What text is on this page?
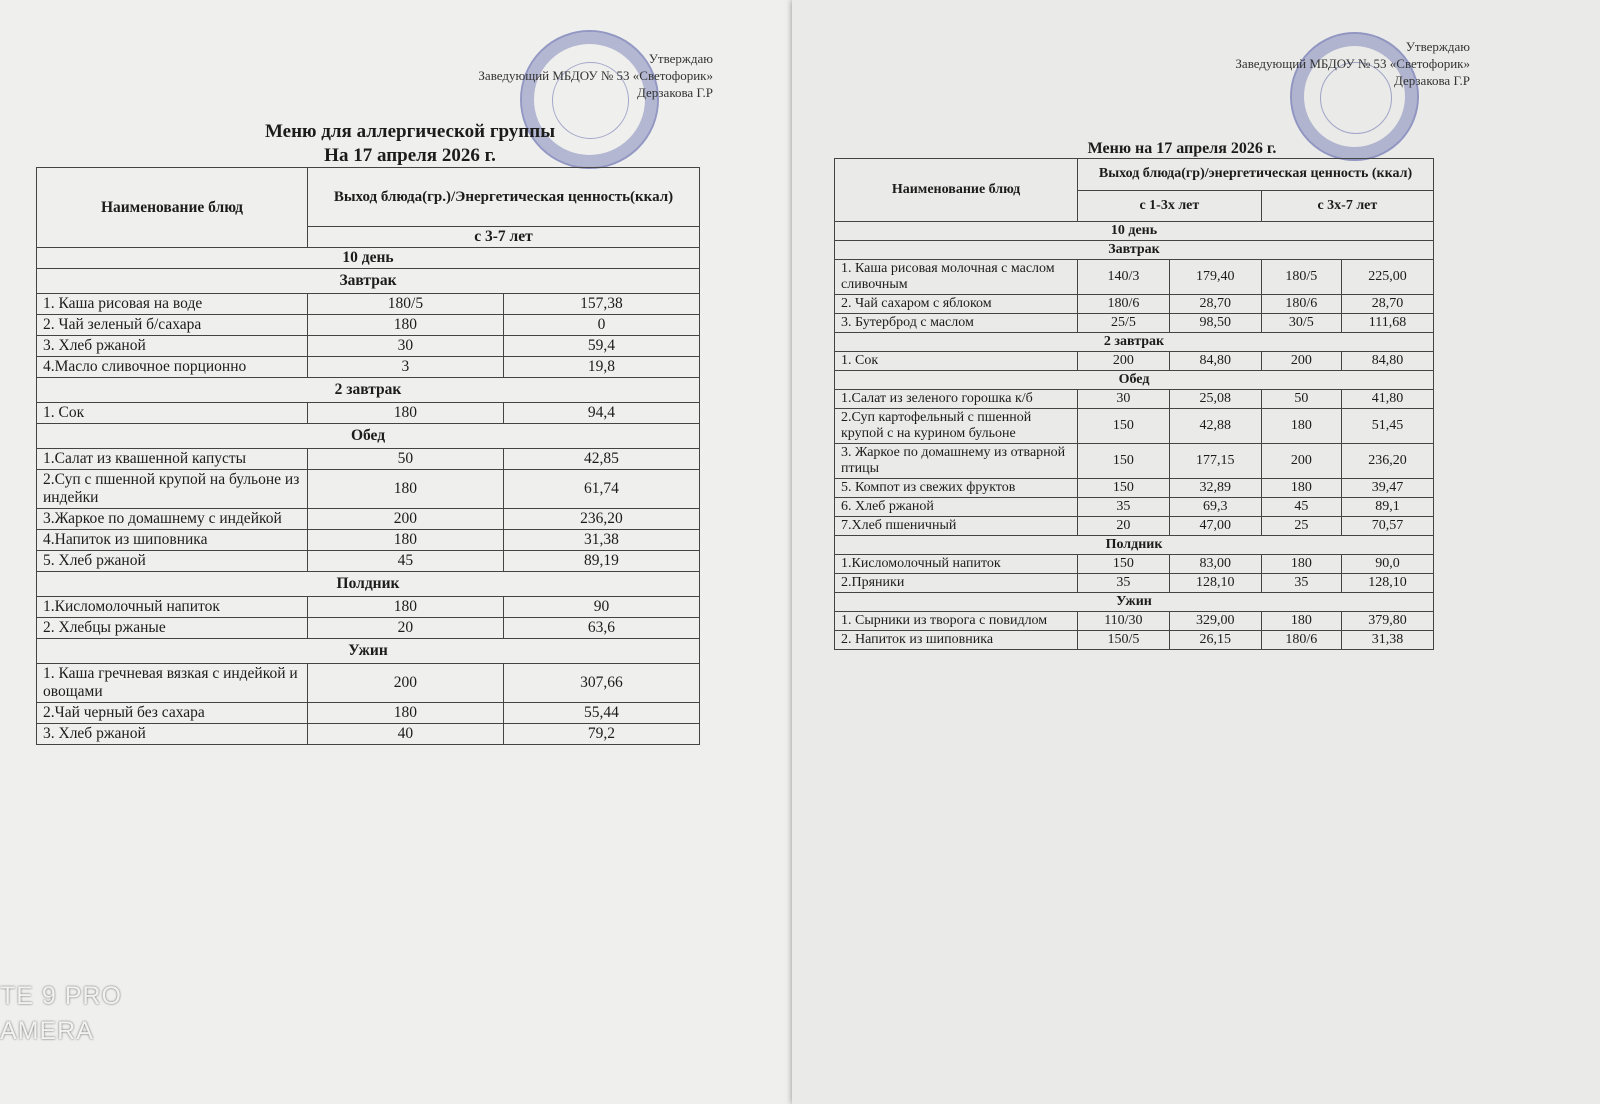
Утверждаю
Заведующий МБДОУ № 53 «Светофорик»
Дерзакова Г.Р
Меню для аллергической группы
На 17 апреля 2026 г.
Наименование блюд	Выход блюда(гр.)/Энергетическая ценность(ккал)	
	с 3-7 лет	
10 день		
Завтрак		
1. Каша рисовая на воде	180/5	157,38
2. Чай зеленый б/сахара	180	0
3. Хлеб ржаной	30	59,4
4.Масло сливочное порционно	3	19,8
2 завтрак		
1. Сок	180	94,4
Обед		
1.Салат из квашенной капусты	50	42,85
2.Суп с пшенной крупой на бульоне из индейки	180	61,74
3.Жаркое по домашнему с индейкой	200	236,20
4.Напиток из шиповника	180	31,38
5. Хлеб ржаной	45	89,19
Полдник		
1.Кисломолочный напиток	180	90
2. Хлебцы ржаные	20	63,6
Ужин		
1. Каша гречневая вязкая с индейкой и овощами	200	307,66
2.Чай черный без сахара	180	55,44
3. Хлеб ржаной	40	79,2
Утверждаю
Заведующий МБДОУ № 53 «Светофорик»
Дерзакова Г.Р
Меню на 17 апреля 2026 г.
Наименование блюд	Выход блюда(гр)/энергетическая ценность (ккал)			
	с 1-3х лет		с 3х-7 лет	
10 день				
Завтрак				
1. Каша рисовая молочная с маслом сливочным	140/3	179,40	180/5	225,00
2. Чай сахаром с яблоком	180/6	28,70	180/6	28,70
3. Бутерброд с маслом	25/5	98,50	30/5	111,68
2 завтрак				
1. Сок	200	84,80	200	84,80
Обед				
1.Салат из зеленого горошка к/б	30	25,08	50	41,80
2.Суп картофельный с пшенной крупой с на курином бульоне	150	42,88	180	51,45
3. Жаркое по домашнему из отварной птицы	150	177,15	200	236,20
5. Компот из свежих фруктов	150	32,89	180	39,47
6. Хлеб ржаной	35	69,3	45	89,1
7.Хлеб пшеничный	20	47,00	25	70,57
Полдник				
1.Кисломолочный напиток	150	83,00	180	90,0
2.Пряники	35	128,10	35	128,10
Ужин				
1. Сырники из творога с повидлом	110/30	329,00	180	379,80
2. Напиток из шиповника	150/5	26,15	180/6	31,38
TE 9 PRO
AMERA
